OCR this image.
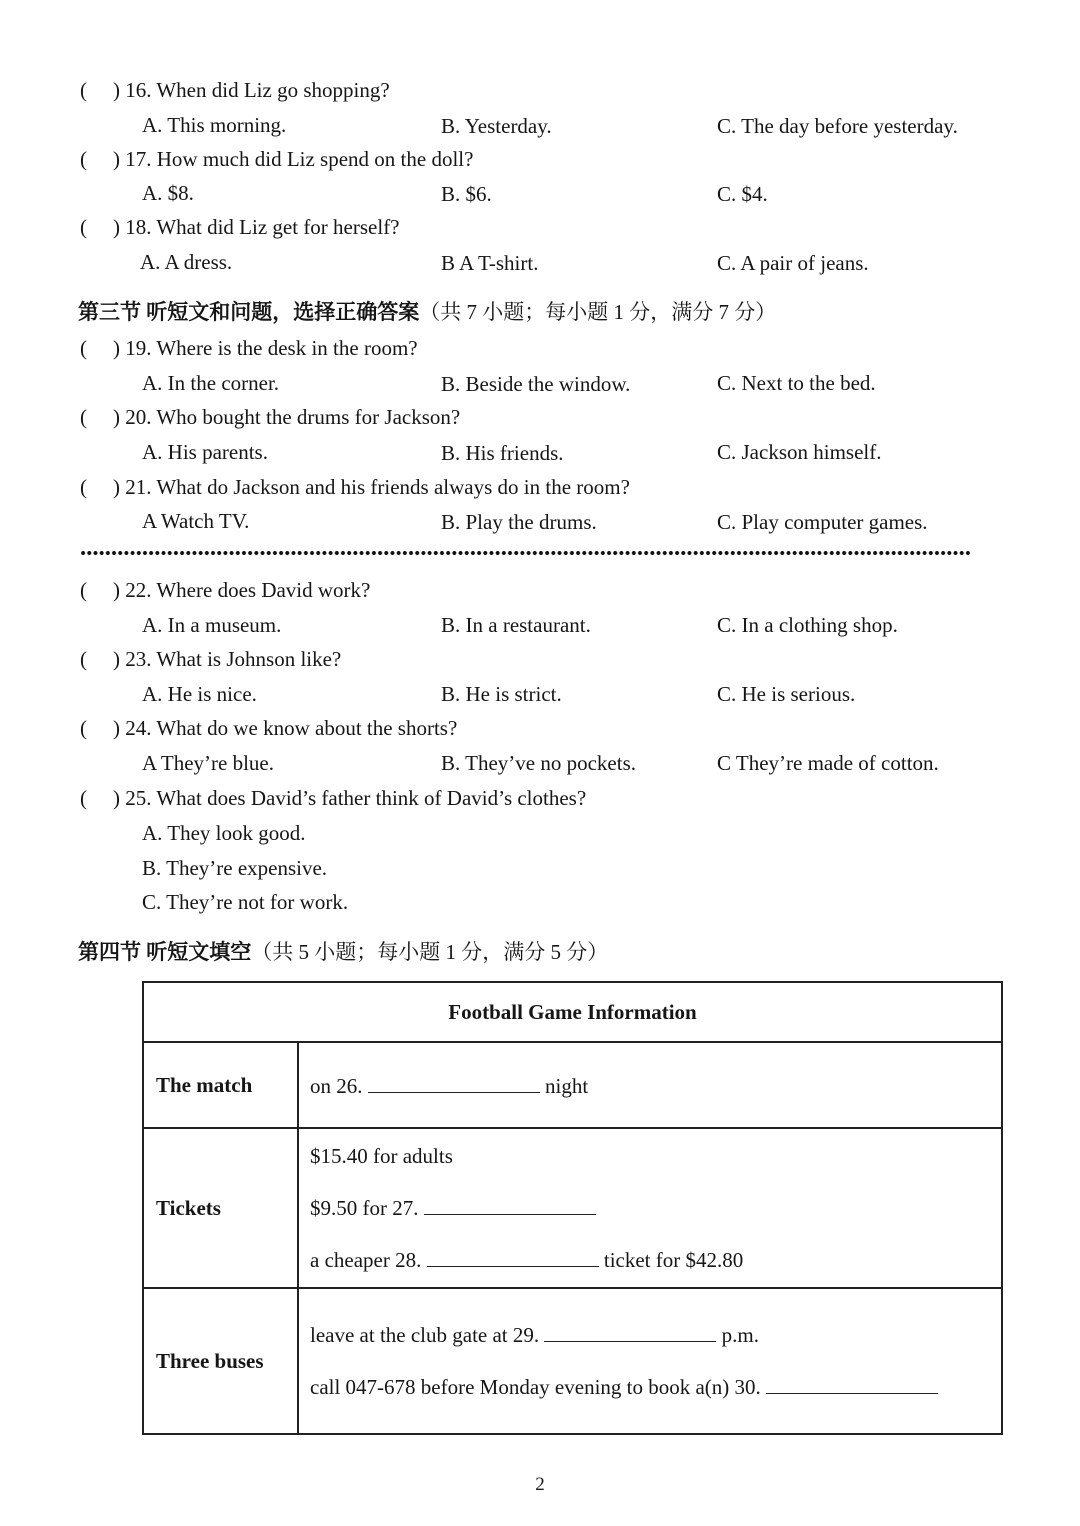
( ) 16. When did Liz go shopping?
A. This morning.	B. Yesterday.	C. The day before yesterday.
( ) 17. How much did Liz spend on the doll?
A. $8.	B. $6.	C. $4.
( ) 18. What did Liz get for herself?
A. A dress.	B A T-shirt.	C. A pair of jeans.
第三节 听短文和问题，选择正确答案（共 7 小题；每小题 1 分，满分 7 分）
( ) 19. Where is the desk in the room?
A. In the corner.	B. Beside the window.	C. Next to the bed.
( ) 20. Who bought the drums for Jackson?
A. His parents.	B. His friends.	C. Jackson himself.
( ) 21. What do Jackson and his friends always do in the room?
A Watch TV.	B. Play the drums.	C. Play computer games.
( ) 22. Where does David work?
A. In a museum.	B. In a restaurant.	C. In a clothing shop.
( ) 23. What is Johnson like?
A. He is nice.	B. He is strict.	C. He is serious.
( ) 24. What do we know about the shorts?
A They’re blue.	B. They’ve no pockets.	C They’re made of cotton.
( ) 25. What does David’s father think of David’s clothes?
A. They look good.
B. They’re expensive.
C. They’re not for work.
第四节 听短文填空（共 5 小题；每小题 1 分，满分 5 分）
Football Game Information	
The match	on 26. night
Tickets	$15.40 for adults
$9.50 for 27.
a cheaper 28. ticket for $42.80

Three buses	leave at the club gate at 29. p.m.
call 047-678 before Monday evening to book a(n) 30.
2
